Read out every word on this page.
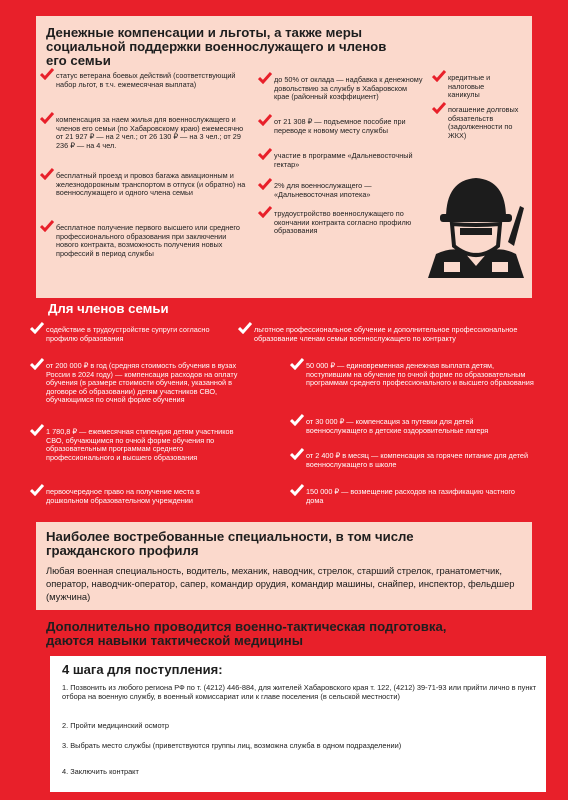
Денежные компенсации и льготы, а также меры социальной поддержки военнослужащего и членов его семьи
статус ветерана боевых действий (соответствующий набор льгот, в т.ч. ежемесячная выплата)
компенсация за наем жилья для военнослужащего и членов его семьи (по Хабаровскому краю) ежемесячно от 21 927 ₽ — на 2 чел.; от 26 130 ₽ — на 3 чел.; от 29 236 ₽ — на 4 чел.
бесплатный проезд и провоз багажа авиационным и железнодорожным транспортом в отпуск (и обратно) на военнослужащего и одного члена семьи
бесплатное получение первого высшего или среднего профессионального образования при заключении нового контракта, возможность получения новых профессий в период службы
до 50% от оклада — надбавка к денежному довольствию за службу в Хабаровском крае (районный коэффициент)
от 21 308 ₽ — подъемное пособие при переводе к новому месту службы
участие в программе «Дальневосточный гектар»
2% для военнослужащего — «Дальневосточная ипотека»
трудоустройство военнослужащего по окончании контракта согласно профилю образования
кредитные и налоговые каникулы
погашение долговых обязательств (задолженности по ЖКХ)
Для членов семьи
содействие в трудоустройстве супруги согласно профилю образования
от 200 000 ₽ в год (средняя стоимость обучения в вузах России в 2024 году) — компенсация расходов на оплату обучения (в размере стоимости обучения, указанной в договоре об образовании) детям участников СВО, обучающимся по очной форме обучения
1 780,8 ₽ — ежемесячная стипендия детям участников СВО, обучающимся по очной форме обучения по образовательным программам среднего профессионального и высшего образования
первоочередное право на получение места в дошкольном образовательном учреждении
льготное профессиональное обучение и дополнительное профессиональное образование членам семьи военнослужащего по контракту
50 000 ₽ — единовременная денежная выплата детям, поступившим на обучение по очной форме по образовательным программам среднего профессионального и высшего образования
от 30 000 ₽ — компенсация за путевки для детей военнослужащего в детские оздоровительные лагеря
от 2 400 ₽ в месяц — компенсация за горячее питание для детей военнослужащего в школе
150 000 ₽ — возмещение расходов на газификацию частного дома
Наиболее востребованные специальности, в том числе гражданского профиля
Любая военная специальность, водитель, механик, наводчик, стрелок, старший стрелок, гранатометчик, оператор, наводчик-оператор, сапер, командир орудия, командир машины, снайпер, инспектор, фельдшер (мужчина)
Дополнительно проводится военно-тактическая подготовка, даются навыки тактической медицины
4 шага для поступления:
1. Позвонить из любого региона РФ по т. (4212) 446-884, для жителей Хабаровского края т. 122, (4212) 39-71-93 или прийти лично в пункт отбора на военную службу, в военный комиссариат или к главе поселения (в сельской местности)
2. Пройти медицинский осмотр
3. Выбрать место службы (приветствуются группы лиц, возможна служба в одном подразделении)
4. Заключить контракт
